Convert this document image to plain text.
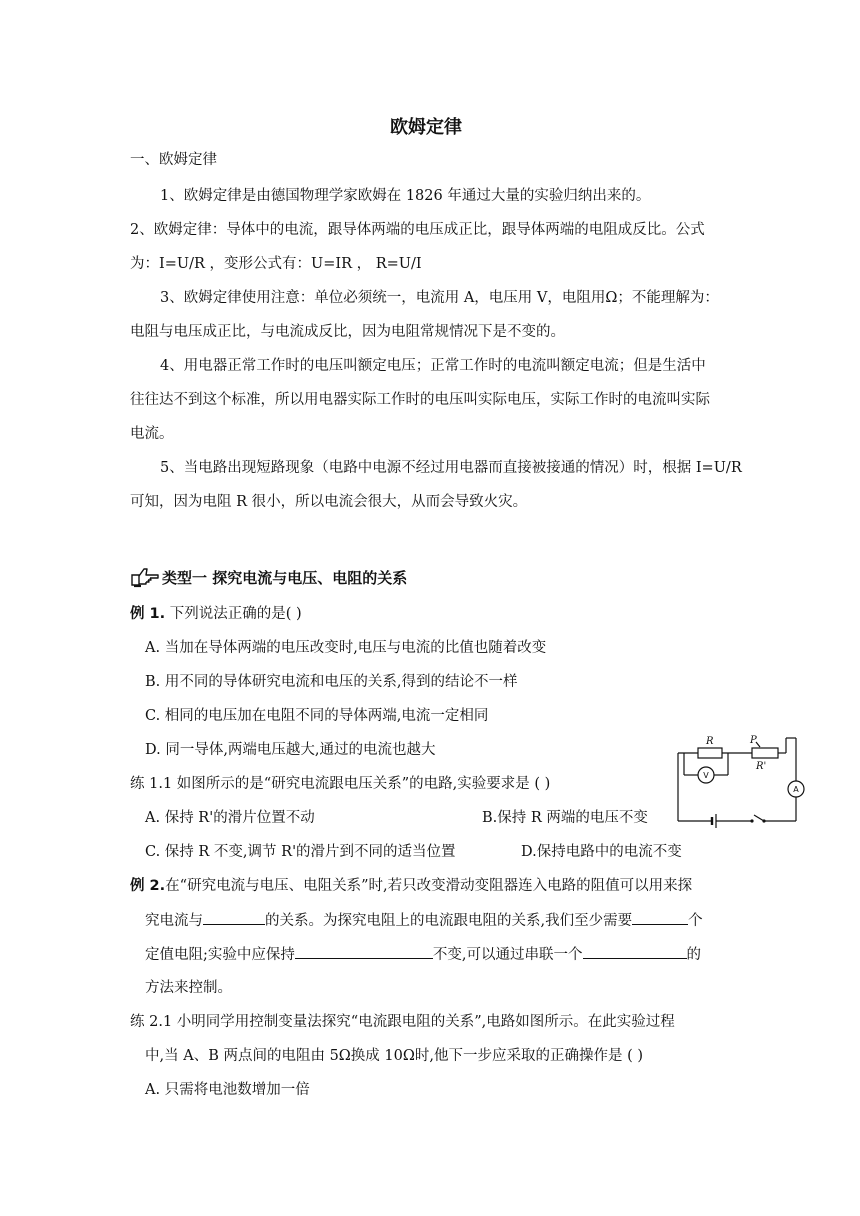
欧姆定律
一、欧姆定律
1、欧姆定律是由德国物理学家欧姆在 1826 年通过大量的实验归纳出来的。
2、欧姆定律：导体中的电流，跟导体两端的电压成正比，跟导体两端的电阻成反比。公式
为：I=U/R ，变形公式有：U=IR ， R=U/I
3、欧姆定律使用注意：单位必须统一，电流用 A，电压用 V，电阻用Ω；不能理解为：
电阻与电压成正比，与电流成反比，因为电阻常规情况下是不变的。
4、用电器正常工作时的电压叫额定电压；正常工作时的电流叫额定电流；但是生活中
往往达不到这个标准，所以用电器实际工作时的电压叫实际电压，实际工作时的电流叫实际
电流。
5、当电路出现短路现象（电路中电源不经过用电器而直接被接通的情况）时，根据 I=U/R
可知，因为电阻 R 很小，所以电流会很大，从而会导致火灾。
类型一 探究电流与电压、电阻的关系
例 1. 下列说法正确的是( )
A. 当加在导体两端的电压改变时,电压与电流的比值也随着改变
B. 用不同的导体研究电流和电压的关系,得到的结论不一样
C. 相同的电压加在电阻不同的导体两端,电流一定相同
D. 同一导体,两端电压越大,通过的电流也越大
练 1.1 如图所示的是“研究电流跟电压关系”的电路,实验要求是 ( )
A. 保持 R'的滑片位置不动	B.保持 R 两端的电压不变
C. 保持 R 不变,调节 R'的滑片到不同的适当位置	D.保持电路中的电流不变
R	P
R'
V
A
例 2.在“研究电流与电压、电阻关系”时,若只改变滑动变阻器连入电路的阻值可以用来探
究电流与	的关系。为探究电阻上的电流跟电阻的关系,我们至少需要	个
定值电阻;实验中应保持	不变,可以通过串联一个	的
方法来控制。
练 2.1 小明同学用控制变量法探究“电流跟电阻的关系”,电路如图所示。在此实验过程
中,当 A、B 两点间的电阻由 5Ω换成 10Ω时,他下一步应采取的正确操作是 ( )
A. 只需将电池数增加一倍
